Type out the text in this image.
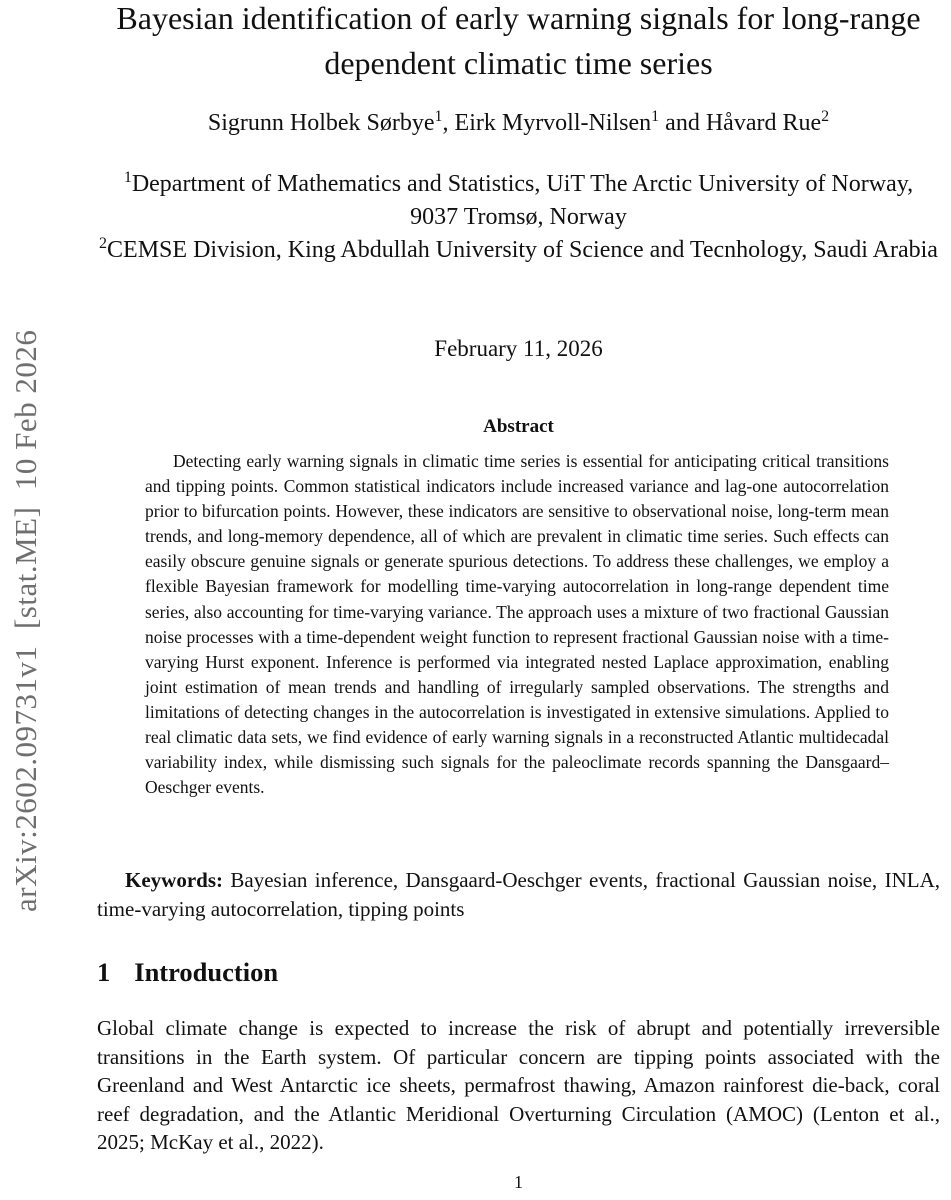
arXiv:2602.09731v1  [stat.ME]  10 Feb 2026
Bayesian identification of early warning signals for long-range dependent climatic time series
Sigrunn Holbek Sørbye$^1$, Eirk Myrvoll-Nilsen$^1$ and Håvard Rue$^2$
$^1$Department of Mathematics and Statistics, UiT The Arctic University of Norway, 9037 Tromsø, Norway
$^2$CEMSE Division, King Abdullah University of Science and Tecnhology, Saudi Arabia
February 11, 2026
Abstract
Detecting early warning signals in climatic time series is essential for anticipating critical transitions and tipping points. Common statistical indicators include increased variance and lag-one autocorrelation prior to bifurcation points. However, these indicators are sensitive to observational noise, long-term mean trends, and long-memory dependence, all of which are prevalent in climatic time series. Such effects can easily obscure genuine signals or generate spurious detections. To address these challenges, we employ a flexible Bayesian framework for modelling time-varying autocorrelation in long-range dependent time series, also accounting for time-varying variance. The approach uses a mixture of two fractional Gaussian noise processes with a time-dependent weight function to represent fractional Gaussian noise with a time-varying Hurst exponent. Inference is performed via integrated nested Laplace approximation, enabling joint estimation of mean trends and handling of irregularly sampled observations. The strengths and limitations of detecting changes in the autocorrelation is investigated in extensive simulations. Applied to real climatic data sets, we find evidence of early warning signals in a reconstructed Atlantic multidecadal variability index, while dismissing such signals for the paleoclimate records spanning the Dansgaard–Oeschger events.
Keywords: Bayesian inference, Dansgaard-Oeschger events, fractional Gaussian noise, INLA, time-varying autocorrelation, tipping points
1 Introduction
Global climate change is expected to increase the risk of abrupt and potentially irreversible transitions in the Earth system. Of particular concern are tipping points associated with the Greenland and West Antarctic ice sheets, permafrost thawing, Amazon rainforest die-back, coral reef degradation, and the Atlantic Meridional Overturning Circulation (AMOC) (Lenton et al., 2025; McKay et al., 2022).
1
